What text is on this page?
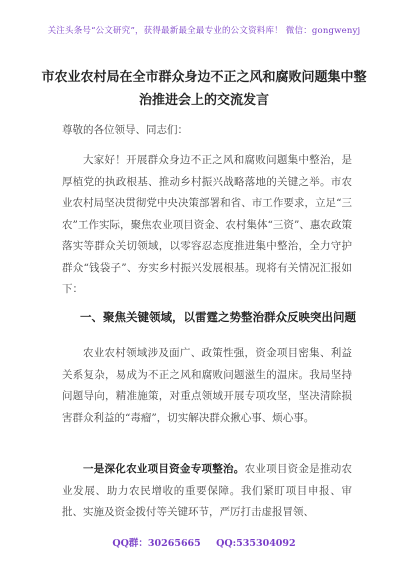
关注头条号“公文研究”，获得最新最全最专业的公文资料库！ 微信：gongwenyj
市农业农村局在全市群众身边不正之风和腐败问题集中整治推进会上的交流发言

尊敬的各位领导、同志们：

大家好！开展群众身边不正之风和腐败问题集中整治，是厚植党的执政根基、推动乡村振兴战略落地的关键之举。市农业农村局坚决贯彻党中央决策部署和省、市工作要求，立足“三农”工作实际，聚焦农业项目资金、农村集体“三资”、惠农政策落实等群众关切领域，以零容忍态度推进集中整治，全力守护群众“钱袋子”、夯实乡村振兴发展根基。现将有关情况汇报如下：

一、聚焦关键领域，以雷霆之势整治群众反映突出问题

农业农村领域涉及面广、政策性强，资金项目密集、利益关系复杂，易成为不正之风和腐败问题滋生的温床。我局坚持问题导向，精准施策，对重点领域开展专项攻坚，坚决清除损害群众利益的“毒瘤”，切实解决群众揪心事、烦心事。

一是深化农业项目资金专项整治。农业项目资金是推动农业发展、助力农民增收的重要保障。我们紧盯项目申报、审批、实施及资金拨付等关键环节，严厉打击虚报冒领、

QQ群：30265665 QQ:535304092
